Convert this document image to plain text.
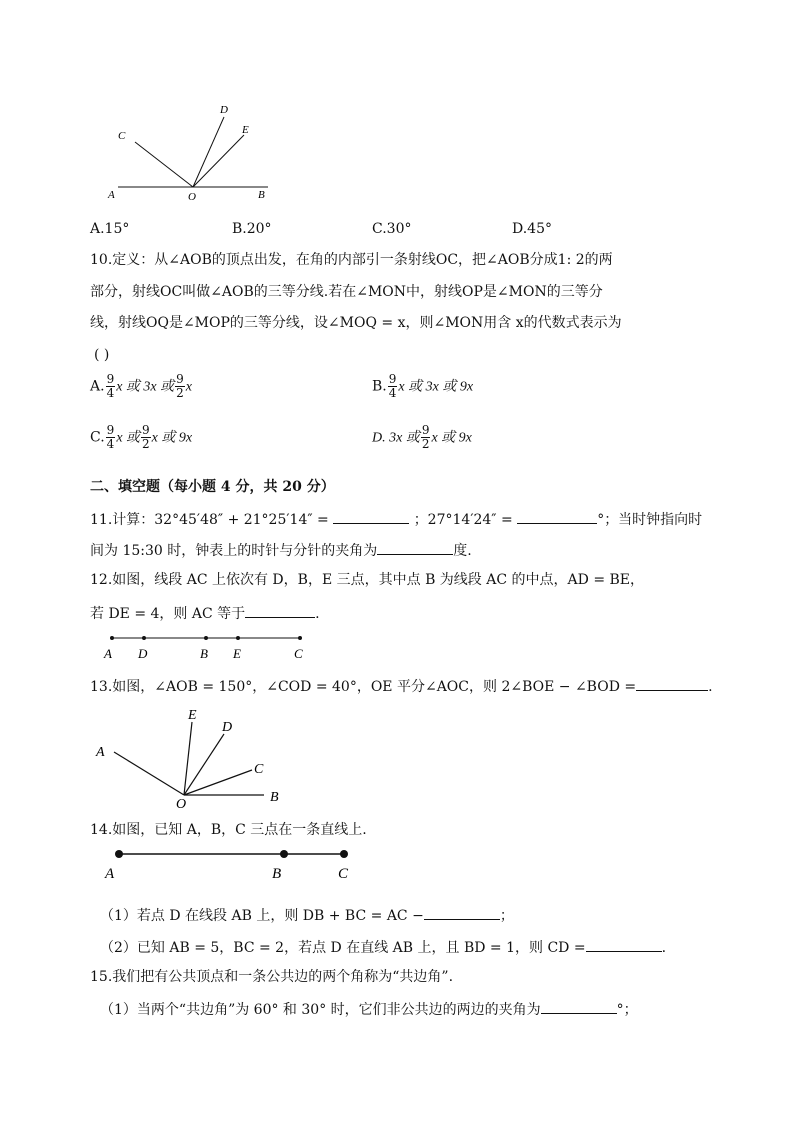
A	O	B
C
D
E
A.15°	B.20°	C.30°	D.45°
10.定义：从∠AOB的顶点出发，在角的内部引一条射线OC，把∠AOB分成1: 2的两
部分，射线OC叫做∠AOB的三等分线.若在∠MON中，射线OP是∠MON的三等分
线，射线OQ是∠MOP的三等分线，设∠MOQ = x，则∠MON用含 x的代数式表示为
( )
A. $\frac{9}{4}$ x 或 3x 或 $\frac{9}{2}$ x	B. $\frac{9}{4}$ x 或 3x 或 9x
C. $\frac{9}{4}$ x 或 $\frac{9}{2}$ x 或 9x	D. 3x 或 $\frac{9}{2}$ x 或 9x
二、填空题（每小题 4 分，共 20 分）
11.计算：32°45′48″ + 21°25′14″ =	；27°14′24″ =	°；当时钟指向时
间为 15:30 时，钟表上的时针与分针的夹角为	度.
12.如图，线段 AC 上依次有 D，B，E 三点，其中点 B 为线段 AC 的中点，AD = BE，
若 DE = 4，则 AC 等于	.
A D	B E	C
13.如图，∠AOB = 150°，∠COD = 40°，OE 平分∠AOC，则 2∠BOE − ∠BOD =	.
A
O	B
C
D
E
14.如图，已知 A，B，C 三点在一条直线上.
A	B	C
（1）若点 D 在线段 AB 上，则 DB + BC = AC −	；
（2）已知 AB = 5，BC = 2，若点 D 在直线 AB 上，且 BD = 1，则 CD =	.
15.我们把有公共顶点和一条公共边的两个角称为“共边角”.
（1）当两个“共边角”为 60° 和 30° 时，它们非公共边的两边的夹角为	°；
